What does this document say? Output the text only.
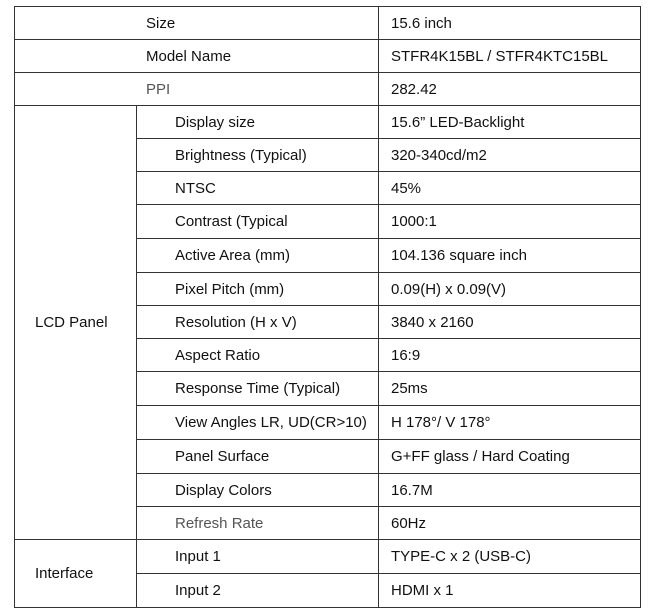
Size		15.6 inch
Model Name		STFR4K15BL / STFR4KTC15BL
PPI		282.42
LCD Panel	Display size	15.6” LED-Backlight
	Brightness (Typical)	320-340cd/m2
	NTSC	45%
	Contrast (Typical	1000:1
	Active Area (mm)	104.136 square inch
	Pixel Pitch (mm)	0.09(H) x 0.09(V)
	Resolution (H x V)	3840 x 2160
	Aspect Ratio	16:9
	Response Time (Typical)	25ms
	View Angles LR, UD(CR>10)	H 178°/ V 178°
	Panel Surface	G+FF glass / Hard Coating
	Display Colors	16.7M
	Refresh Rate	60Hz
Interface	Input 1	TYPE-C x 2 (USB-C)
	Input 2	HDMI x 1
